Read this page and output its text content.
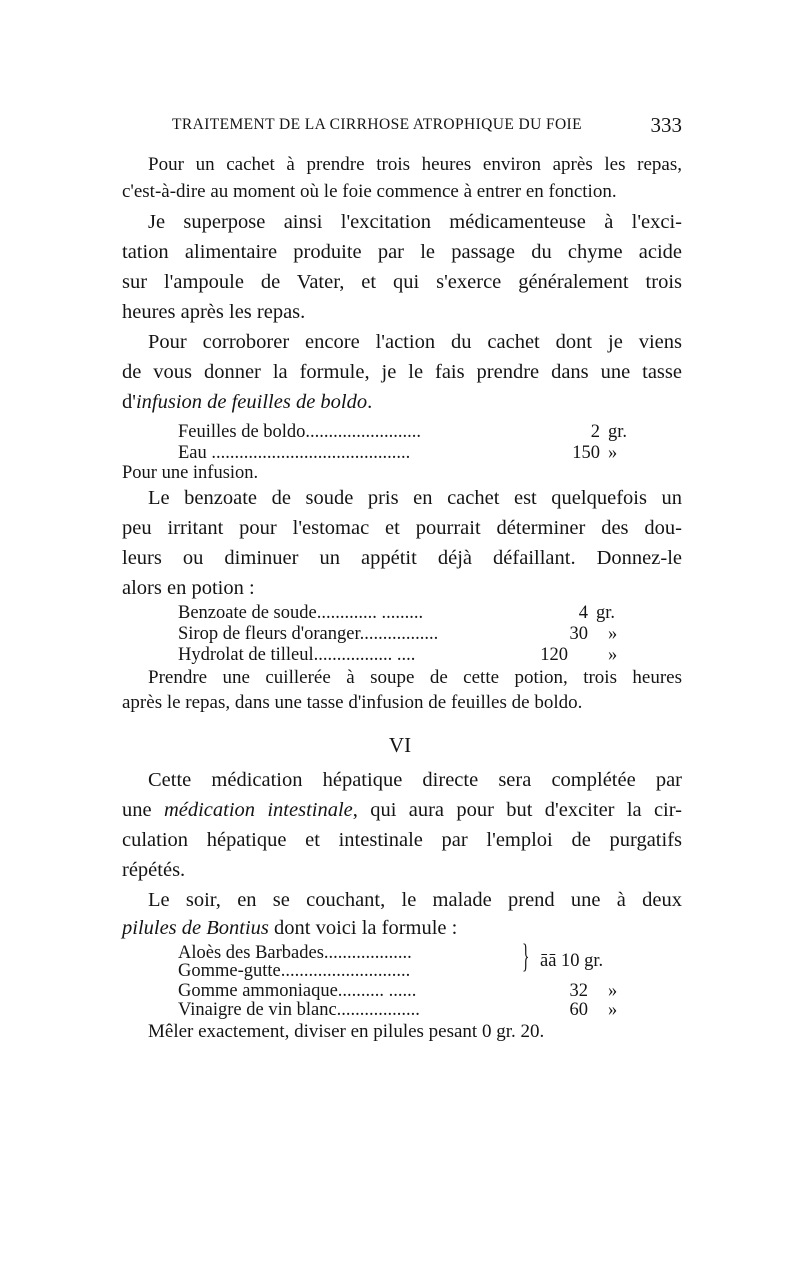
TRAITEMENT DE LA CIRRHOSE ATROPHIQUE DU FOIE	333
Pour un cachet à prendre trois heures environ après les repas,
c'est-à-dire au moment où le foie commence à entrer en fonction.
Je superpose ainsi l'excitation médicamenteuse à l'exci-
tation alimentaire produite par le passage du chyme acide
sur l'ampoule de Vater, et qui s'exerce généralement trois
heures après les repas.
Pour corroborer encore l'action du cachet dont je viens
de vous donner la formule, je le fais prendre dans une tasse
d'infusion de feuilles de boldo.
Feuilles de boldo.........................	2 gr.
Eau ...........................................	150 »
Pour une infusion.
Le benzoate de soude pris en cachet est quelquefois un
peu irritant pour l'estomac et pourrait déterminer des dou-
leurs ou diminuer un appétit déjà défaillant. Donnez-le
alors en potion :
Benzoate de soude............. .........	4 gr.
Sirop de fleurs d'oranger.................	30 »
Hydrolat de tilleul................. ....	120 »
Prendre une cuillerée à soupe de cette potion, trois heures
après le repas, dans une tasse d'infusion de feuilles de boldo.
VI
Cette médication hépatique directe sera complétée par
une médication intestinale, qui aura pour but d'exciter la cir-
culation hépatique et intestinale par l'emploi de purgatifs
répétés.
Le soir, en se couchant, le malade prend une à deux
pilules de Bontius dont voici la formule :
Aloès des Barbades...................
Gomme-gutte............................	} āā 10 gr.
Gomme ammoniaque.......... ......	32 »
Vinaigre de vin blanc..................	60 »
Mêler exactement, diviser en pilules pesant 0 gr. 20.
